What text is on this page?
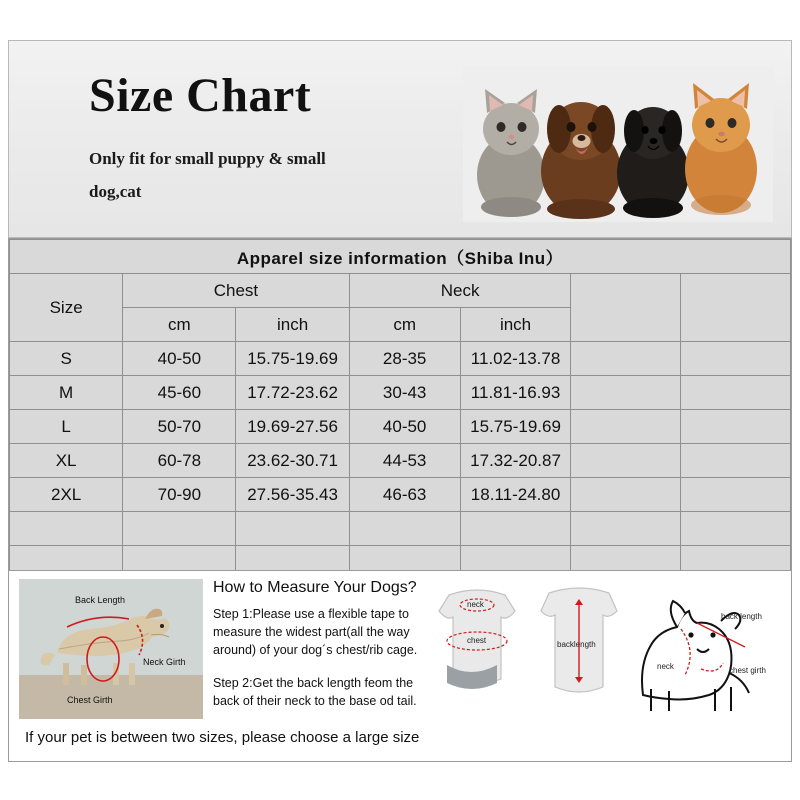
Size Chart
Only fit for small puppy & small
dog,cat
Apparel size information（Shiba Inu）						
Size	Chest		Neck			
	cm	inch	cm	inch		
S	40-50	15.75-19.69	28-35	11.02-13.78		
M	45-60	17.72-23.62	30-43	11.81-16.93		
L	50-70	19.69-27.56	40-50	15.75-19.69		
XL	60-78	23.62-30.71	44-53	17.32-20.87		
2XL	70-90	27.56-35.43	46-63	18.11-24.80		

Back Length
Neck Girth
Chest Girth
How to Measure Your Dogs?
Step 1:Please use a flexible tape to measure the widest part(all the way around) of your dog´s chest/rib cage.
Step 2:Get the back length feom the back of their neck to the base od tail.
If your pet is between two sizes, please choose a large size
neck
chest	backlength
neck
back length
chest girth
